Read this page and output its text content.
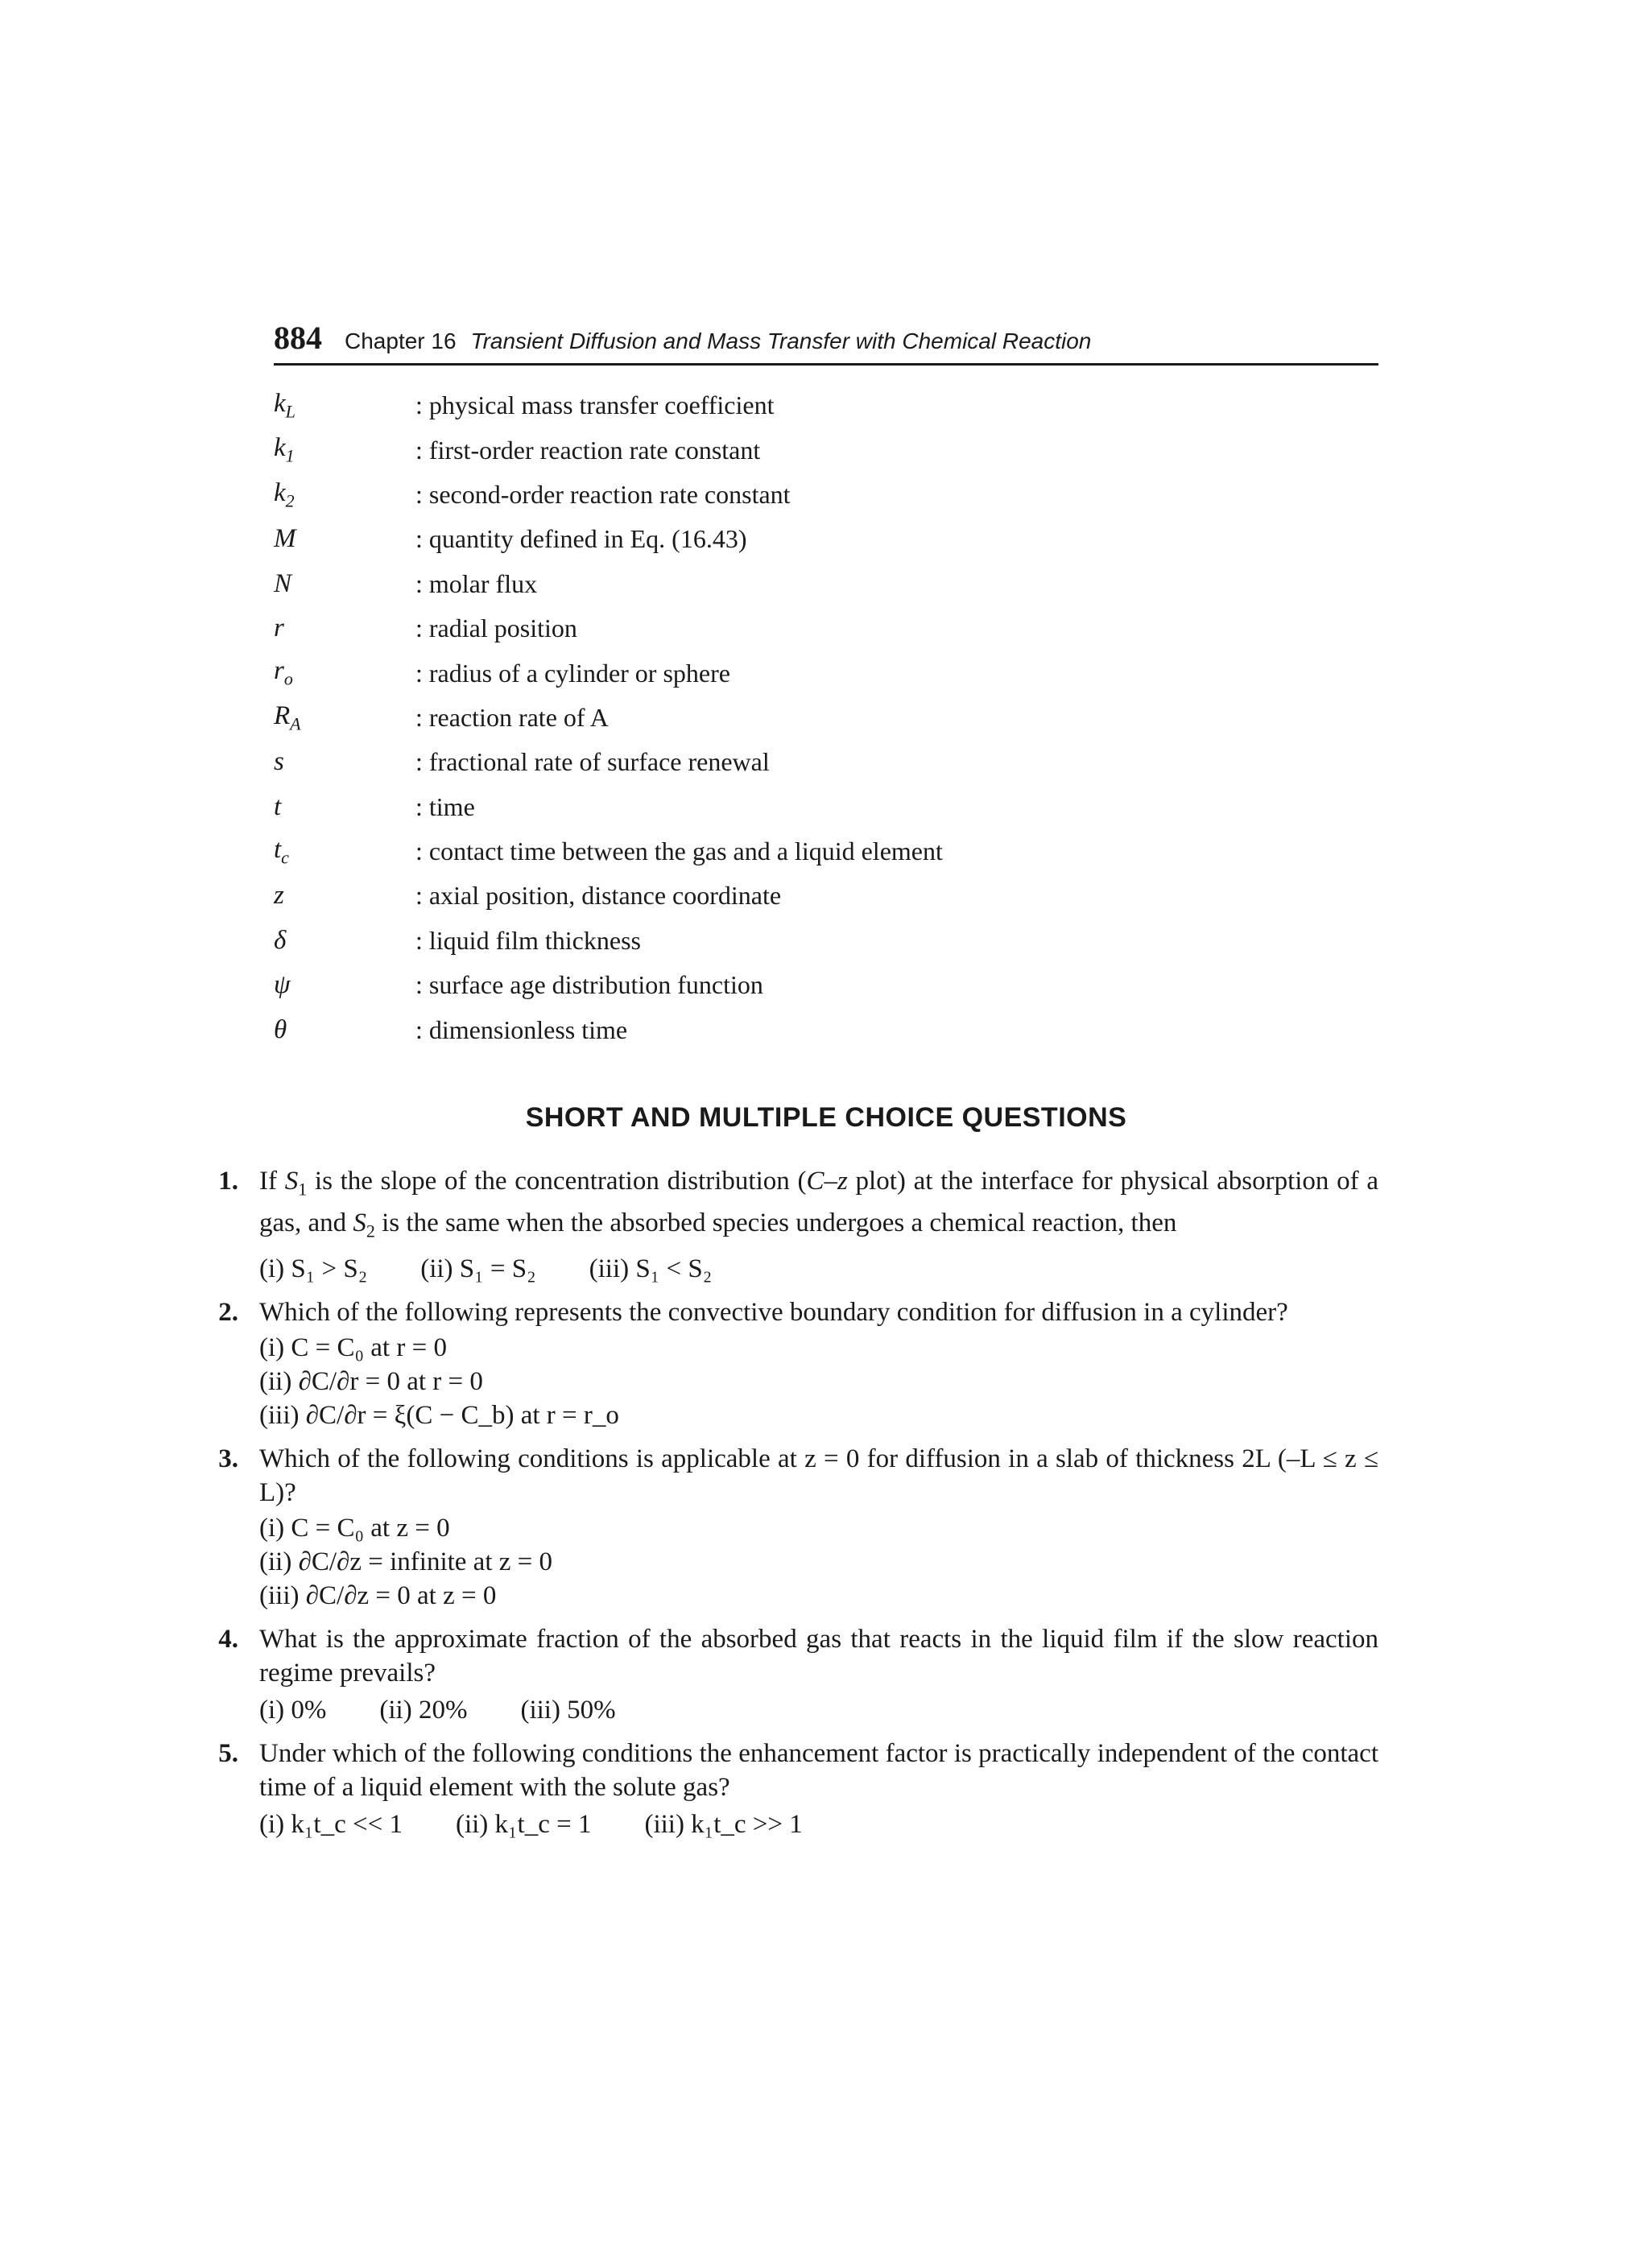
884 Chapter 16 Transient Diffusion and Mass Transfer with Chemical Reaction
$k_L$	: physical mass transfer coefficient
$k_1$	: first-order reaction rate constant
$k_2$	: second-order reaction rate constant
M	: quantity defined in Eq. (16.43)
N	: molar flux
r	: radial position
$r_o$	: radius of a cylinder or sphere
$R_A$	: reaction rate of A
s	: fractional rate of surface renewal
t	: time
$t_c$	: contact time between the gas and a liquid element
z	: axial position, distance coordinate
δ	: liquid film thickness
ψ	: surface age distribution function
θ	: dimensionless time
SHORT AND MULTIPLE CHOICE QUESTIONS
1. If $S_1$ is the slope of the concentration distribution (C–z plot) at the interface for physical absorption of a gas, and $S_2$ is the same when the absorbed species undergoes a chemical reaction, then
(i) S₁ > S₂ (ii) S₁ = S₂ (iii) S₁ < S₂
2. Which of the following represents the convective boundary condition for diffusion in a cylinder?
(i) C = C₀ at r = 0
(ii) ∂C/∂r = 0 at r = 0
(iii) ∂C/∂r = ξ(C − C_b) at r = r_o
3. Which of the following conditions is applicable at z = 0 for diffusion in a slab of thickness 2L (–L ≤ z ≤ L)?
(i) C = C₀ at z = 0
(ii) ∂C/∂z = infinite at z = 0
(iii) ∂C/∂z = 0 at z = 0
4. What is the approximate fraction of the absorbed gas that reacts in the liquid film if the slow reaction regime prevails?
(i) 0% (ii) 20% (iii) 50%
5. Under which of the following conditions the enhancement factor is practically independent of the contact time of a liquid element with the solute gas?
(i) k₁t_c << 1 (ii) k₁t_c = 1 (iii) k₁t_c >> 1
